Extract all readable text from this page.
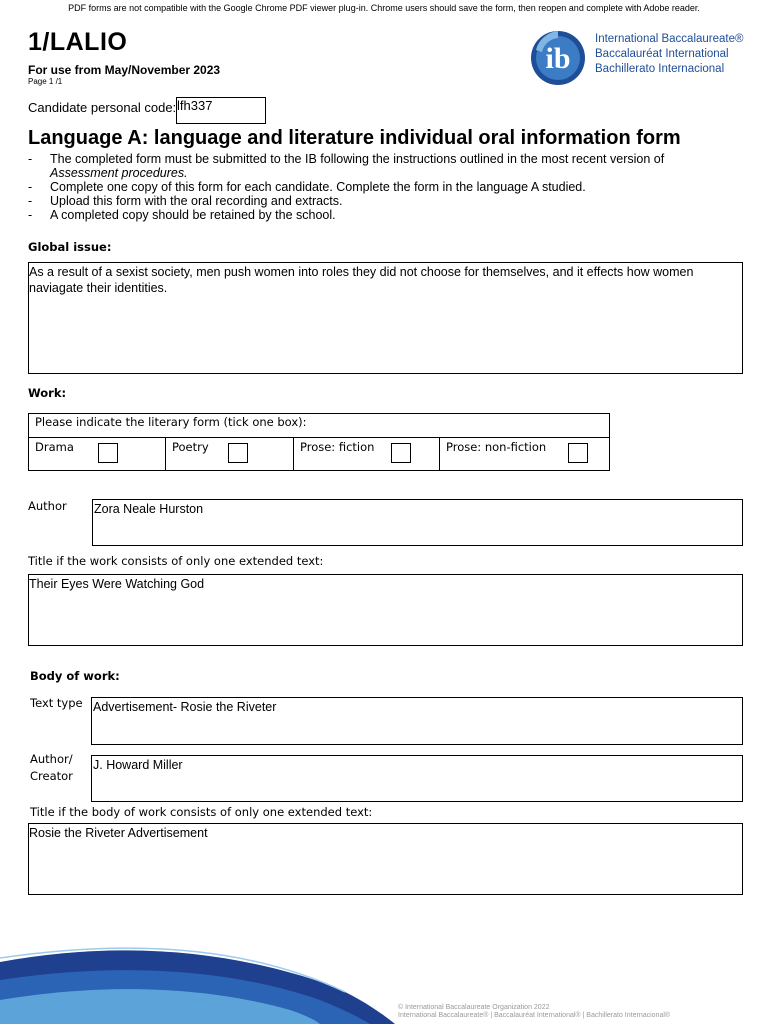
PDF forms are not compatible with the Google Chrome PDF viewer plug-in. Chrome users should save the form, then reopen and complete with Adobe reader.
1/LALIO
For use from May/November 2023
Page 1 /1
ib
International Baccalaureate®
Baccalauréat International
Bachillerato Internacional
Candidate personal code: lfh337
Language A: language and literature individual oral information form
- The completed form must be submitted to the IB following the instructions outlined in the most recent version of
Assessment procedures.
- Complete one copy of this form for each candidate. Complete the form in the language A studied.
- Upload this form with the oral recording and extracts.
- A completed copy should be retained by the school.
Global issue:
As a result of a sexist society, men push women into roles they did not choose for themselves, and it effects how women naviagate their identities.
Work:
Please indicate the literary form (tick one box):
Drama	Poetry	Prose: fiction	Prose: non-fiction
Author Zora Neale Hurston
Title if the work consists of only one extended text:
Their Eyes Were Watching God
Body of work:
Text type Advertisement- Rosie the Riveter
Author/
Creator
J. Howard Miller
Title if the body of work consists of only one extended text:
Rosie the Riveter Advertisement
© International Baccalaureate Organization 2022
International Baccalaureate® | Baccalauréat International® | Bachillerato Internacional®
